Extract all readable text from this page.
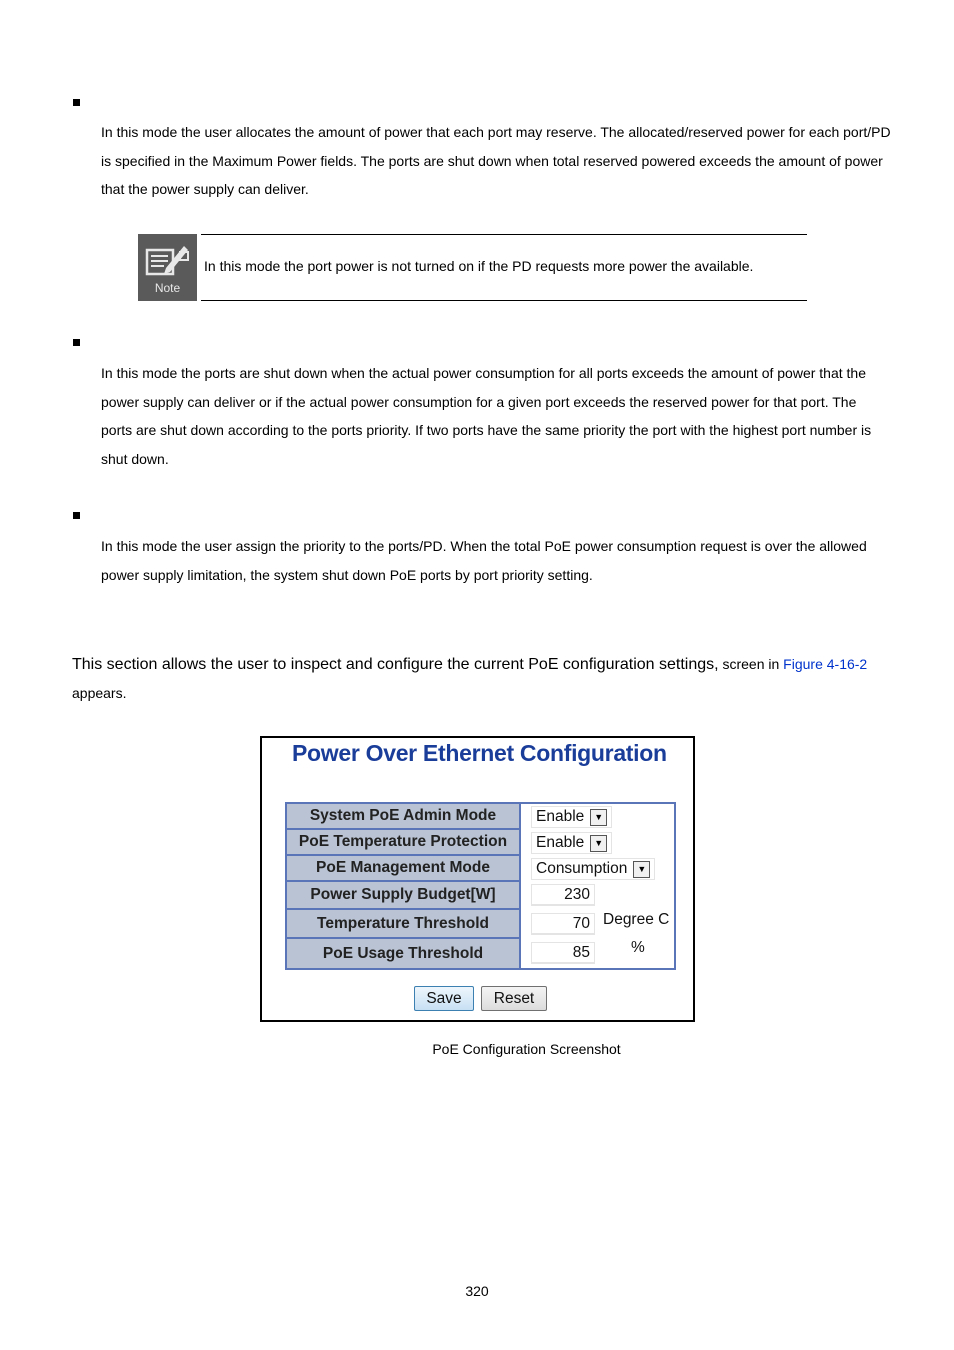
In this mode the user allocates the amount of power that each port may reserve. The allocated/reserved power for each port/PD is specified in the Maximum Power fields. The ports are shut down when total reserved powered exceeds the amount of power that the power supply can deliver.
Note
In this mode the port power is not turned on if the PD requests more power the available.
In this mode the ports are shut down when the actual power consumption for all ports exceeds the amount of power that the power supply can deliver or if the actual power consumption for a given port exceeds the reserved power for that port. The ports are shut down according to the ports priority. If two ports have the same priority the port with the highest port number is shut down.
In this mode the user assign the priority to the ports/PD. When the total PoE power consumption request is over the allowed power supply limitation, the system shut down PoE ports by port priority setting.
This section allows the user to inspect and configure the current PoE configuration settings, screen in Figure 4-16-2
appears.
Power Over Ethernet Configuration
System PoE Admin Mode	Enable	▼
PoE Temperature Protection	Enable	▼
PoE Management Mode	Consumption	▼
Power Supply Budget[W]	230
Temperature Threshold	70 Degree C
PoE Usage Threshold	85	%
Save	Reset
PoE Configuration Screenshot
320
